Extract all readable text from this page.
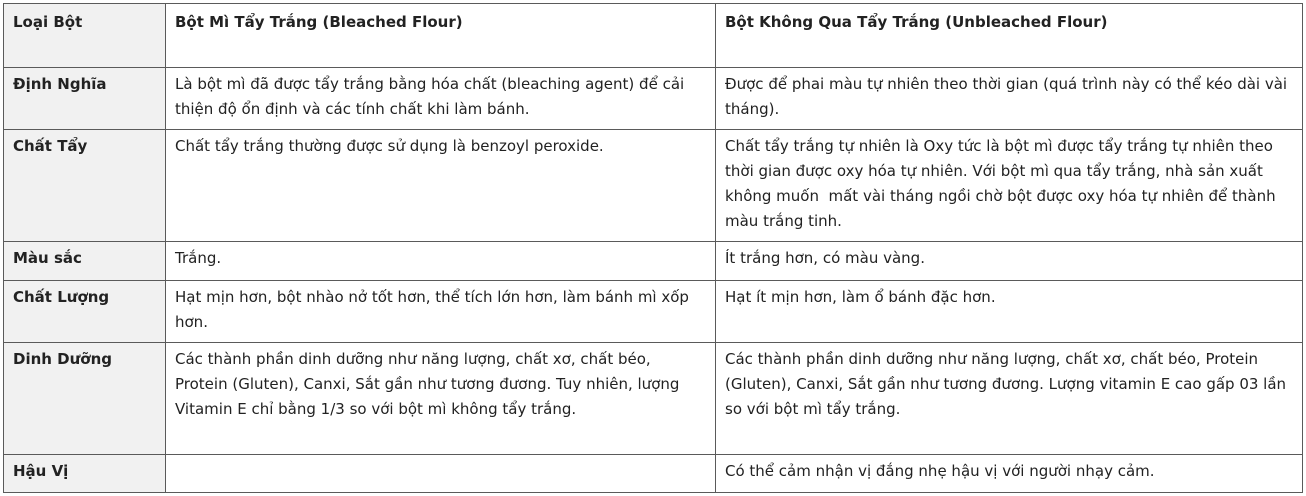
Loại Bột	Bột Mì Tẩy Trắng (Bleached Flour)	Bột Không Qua Tẩy Trắng (Unbleached Flour)
Định Nghĩa	Là bột mì đã được tẩy trắng bằng hóa chất (bleaching agent) để cải thiện độ ổn định và các tính chất khi làm bánh.	Được để phai màu tự nhiên theo thời gian (quá trình này có thể kéo dài vài tháng).
Chất Tẩy	Chất tẩy trắng thường được sử dụng là benzoyl peroxide.	Chất tẩy trắng tự nhiên là Oxy tức là bột mì được tẩy trắng tự nhiên theo thời gian được oxy hóa tự nhiên. Với bột mì qua tẩy trắng, nhà sản xuất không muốn  mất vài tháng ngồi chờ bột được oxy hóa tự nhiên để thành màu trắng tinh.
Màu sắc	Trắng.	Ít trắng hơn, có màu vàng.
Chất Lượng	Hạt mịn hơn, bột nhào nở tốt hơn, thể tích lớn hơn, làm bánh mì xốp hơn.	Hạt ít mịn hơn, làm ổ bánh đặc hơn.
Dinh Dưỡng	Các thành phần dinh dưỡng như năng lượng, chất xơ, chất béo, Protein (Gluten), Canxi, Sắt gần như tương đương. Tuy nhiên, lượng Vitamin E chỉ bằng 1/3 so với bột mì không tẩy trắng.	Các thành phần dinh dưỡng như năng lượng, chất xơ, chất béo, Protein (Gluten), Canxi, Sắt gần như tương đương. Lượng vitamin E cao gấp 03 lần so với bột mì tẩy trắng.
Hậu Vị		Có thể cảm nhận vị đắng nhẹ hậu vị với người nhạy cảm.
